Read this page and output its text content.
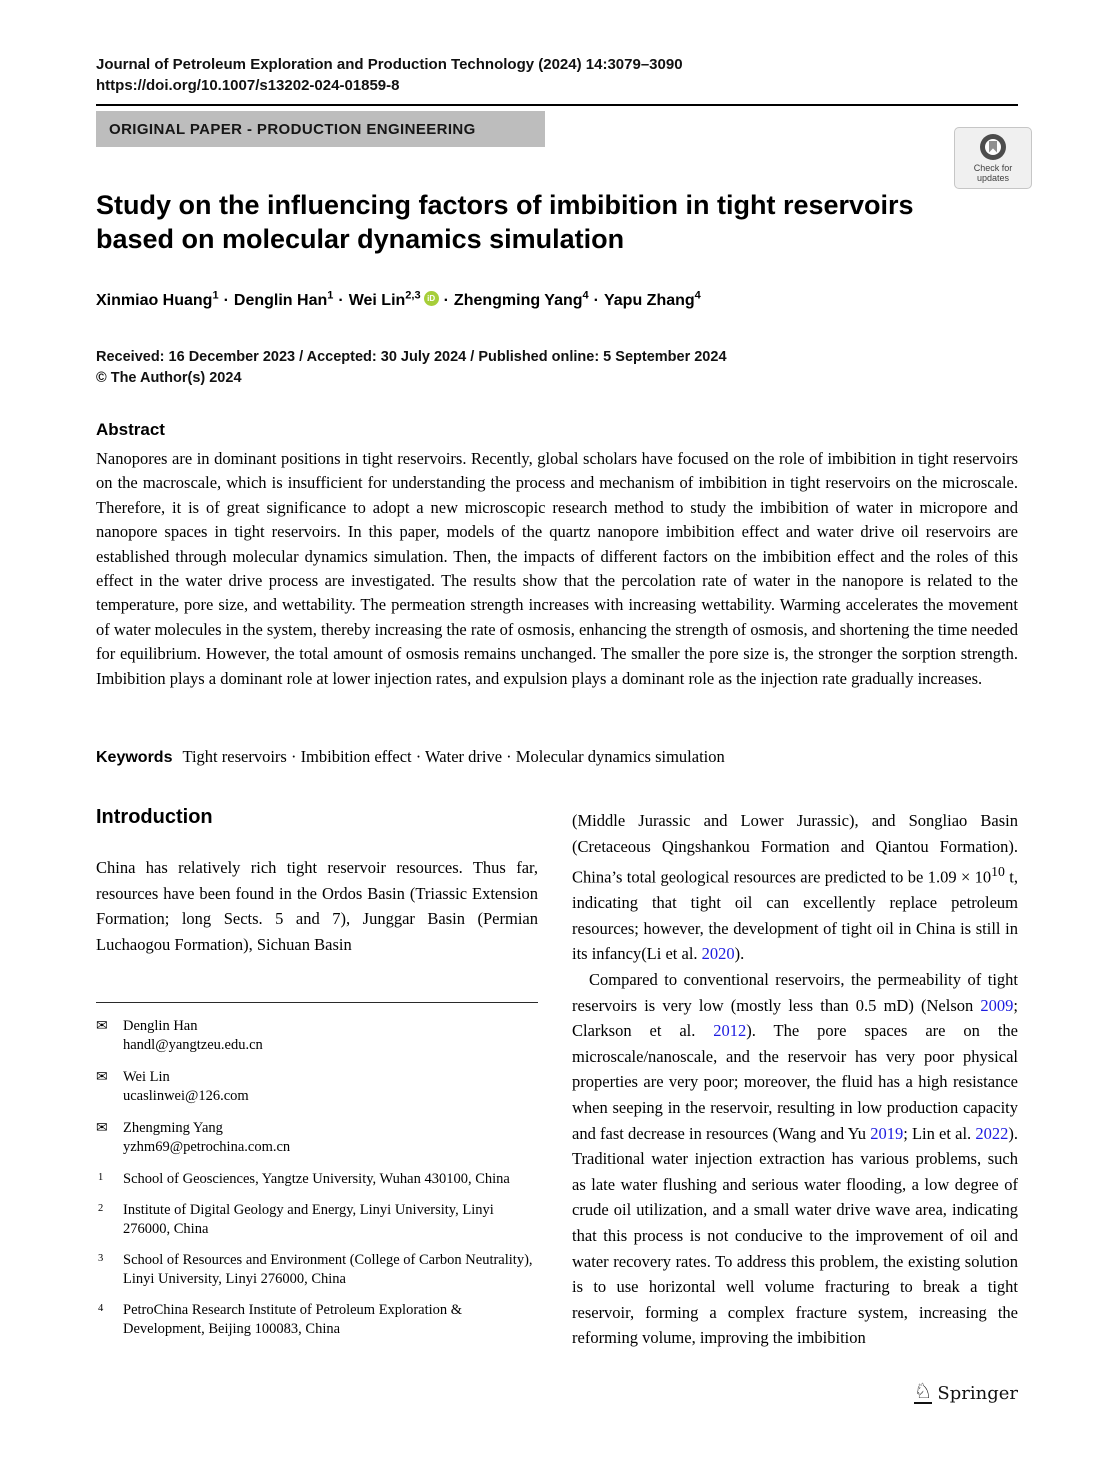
Journal of Petroleum Exploration and Production Technology (2024) 14:3079–3090
https://doi.org/10.1007/s13202-024-01859-8
ORIGINAL PAPER - PRODUCTION ENGINEERING
Check for
updates
Study on the influencing factors of imbibition in tight reservoirs based on molecular dynamics simulation
Xinmiao Huang$^1$ · Denglin Han$^1$ · Wei Lin$^{2,3}$ iD · Zhengming Yang$^4$ · Yapu Zhang$^4$
Received: 16 December 2023 / Accepted: 30 July 2024 / Published online: 5 September 2024
© The Author(s) 2024
Abstract

Nanopores are in dominant positions in tight reservoirs. Recently, global scholars have focused on the role of imbibition in tight reservoirs on the macroscale, which is insufficient for understanding the process and mechanism of imbibition in tight reservoirs on the microscale. Therefore, it is of great significance to adopt a new microscopic research method to study the imbibition of water in micropore and nanopore spaces in tight reservoirs. In this paper, models of the quartz nanopore imbibition effect and water drive oil reservoirs are established through molecular dynamics simulation. Then, the impacts of different factors on the imbibition effect and the roles of this effect in the water drive process are investigated. The results show that the percolation rate of water in the nanopore is related to the temperature, pore size, and wettability. The permeation strength increases with increasing wettability. Warming accelerates the movement of water molecules in the system, thereby increasing the rate of osmosis, enhancing the strength of osmosis, and shortening the time needed for equilibrium. However, the total amount of osmosis remains unchanged. The smaller the pore size is, the stronger the sorption strength. Imbibition plays a dominant role at lower injection rates, and expulsion plays a dominant role as the injection rate gradually increases.

Keywords Tight reservoirs · Imbibition effect · Water drive · Molecular dynamics simulation
Introduction

China has relatively rich tight reservoir resources. Thus far, resources have been found in the Ordos Basin (Triassic Extension Formation; long Sects. 5 and 7), Junggar Basin (Permian Luchaogou Formation), Sichuan Basin

(Middle Jurassic and Lower Jurassic), and Songliao Basin (Cretaceous Qingshankou Formation and Qiantou Formation). China’s total geological resources are predicted to be $1.09 \times 10^{10}$ t, indicating that tight oil can excellently replace petroleum resources; however, the development of tight oil in China is still in its infancy(Li et al. 2020).

Compared to conventional reservoirs, the permeability of tight reservoirs is very low (mostly less than 0.5 mD) (Nelson 2009; Clarkson et al. 2012). The pore spaces are on the microscale/nanoscale, and the reservoir has very poor physical properties are very poor; moreover, the fluid has a high resistance when seeping in the reservoir, resulting in low production capacity and fast decrease in resources (Wang and Yu 2019; Lin et al. 2022). Traditional water injection extraction has various problems, such as late water flushing and serious water flooding, a low degree of crude oil utilization, and a small water drive wave area, indicating that this process is not conducive to the improvement of oil and water recovery rates. To address this problem, the existing solution is to use horizontal well volume fracturing to break a tight reservoir, forming a complex fracture system, increasing the reforming volume, improving the imbibition

✉	Denglin Han
handl@yangtzeu.edu.cn
✉	Wei Lin
ucaslinwei@126.com
✉	Zhengming Yang
yzhm69@petrochina.com.cn
1	School of Geosciences, Yangtze University, Wuhan 430100, China
2	Institute of Digital Geology and Energy, Linyi University, Linyi 276000, China
3	School of Resources and Environment (College of Carbon Neutrality), Linyi University, Linyi 276000, China
4	PetroChina Research Institute of Petroleum Exploration & Development, Beijing 100083, China
♘ Springer
